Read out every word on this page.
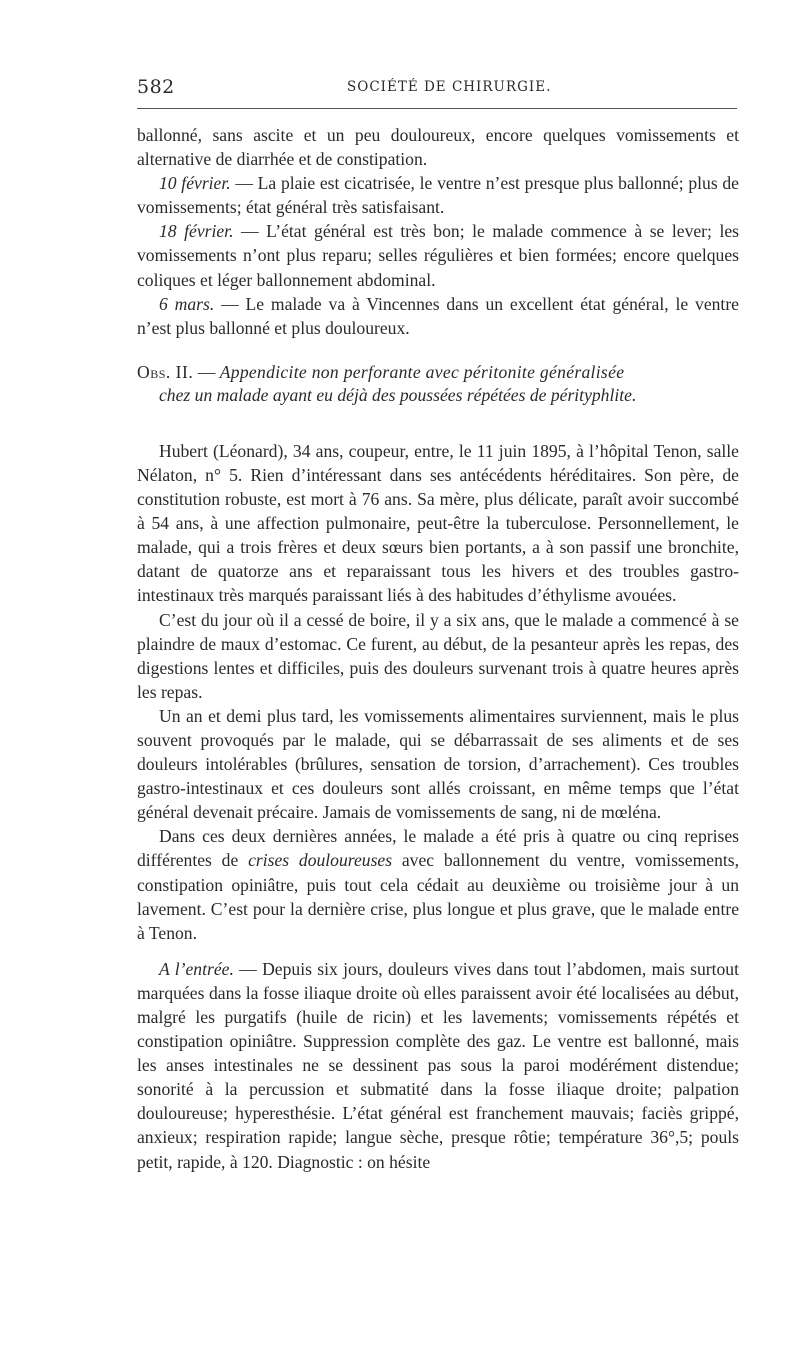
582	SOCIÉTÉ DE CHIRURGIE.

ballonné, sans ascite et un peu douloureux, encore quelques vomissements et alternative de diarrhée et de constipation.

10 février. — La plaie est cicatrisée, le ventre n’est presque plus ballonné; plus de vomissements; état général très satisfaisant.

18 février. — L’état général est très bon; le malade commence à se lever; les vomissements n’ont plus reparu; selles régulières et bien formées; encore quelques coliques et léger ballonnement abdominal.

6 mars. — Le malade va à Vincennes dans un excellent état général, le ventre n’est plus ballonné et plus douloureux.

Obs. II. — Appendicite non perforante avec péritonite généralisée
chez un malade ayant eu déjà des poussées répétées de pérityphlite.

Hubert (Léonard), 34 ans, coupeur, entre, le 11 juin 1895, à l’hôpital Tenon, salle Nélaton, n° 5. Rien d’intéressant dans ses antécédents héréditaires. Son père, de constitution robuste, est mort à 76 ans. Sa mère, plus délicate, paraît avoir succombé à 54 ans, à une affection pulmonaire, peut-être la tuberculose. Personnellement, le malade, qui a trois frères et deux sœurs bien portants, a à son passif une bronchite, datant de quatorze ans et reparaissant tous les hivers et des troubles gastro-intestinaux très marqués paraissant liés à des habitudes d’éthylisme avouées.

C’est du jour où il a cessé de boire, il y a six ans, que le malade a commencé à se plaindre de maux d’estomac. Ce furent, au début, de la pesanteur après les repas, des digestions lentes et difficiles, puis des douleurs survenant trois à quatre heures après les repas.

Un an et demi plus tard, les vomissements alimentaires surviennent, mais le plus souvent provoqués par le malade, qui se débarrassait de ses aliments et de ses douleurs intolérables (brûlures, sensation de torsion, d’arrachement). Ces troubles gastro-intestinaux et ces douleurs sont allés croissant, en même temps que l’état général devenait précaire. Jamais de vomissements de sang, ni de mœléna.

Dans ces deux dernières années, le malade a été pris à quatre ou cinq reprises différentes de crises douloureuses avec ballonnement du ventre, vomissements, constipation opiniâtre, puis tout cela cédait au deuxième ou troisième jour à un lavement. C’est pour la dernière crise, plus longue et plus grave, que le malade entre à Tenon.

A l’entrée. — Depuis six jours, douleurs vives dans tout l’abdomen, mais surtout marquées dans la fosse iliaque droite où elles paraissent avoir été localisées au début, malgré les purgatifs (huile de ricin) et les lavements; vomissements répétés et constipation opiniâtre. Suppression complète des gaz. Le ventre est ballonné, mais les anses intestinales ne se dessinent pas sous la paroi modérément distendue; sonorité à la percussion et submatité dans la fosse iliaque droite; palpation douloureuse; hyperesthésie. L’état général est franchement mauvais; faciès grippé, anxieux; respiration rapide; langue sèche, presque rôtie; température 36°,5; pouls petit, rapide, à 120. Diagnostic : on hésite
